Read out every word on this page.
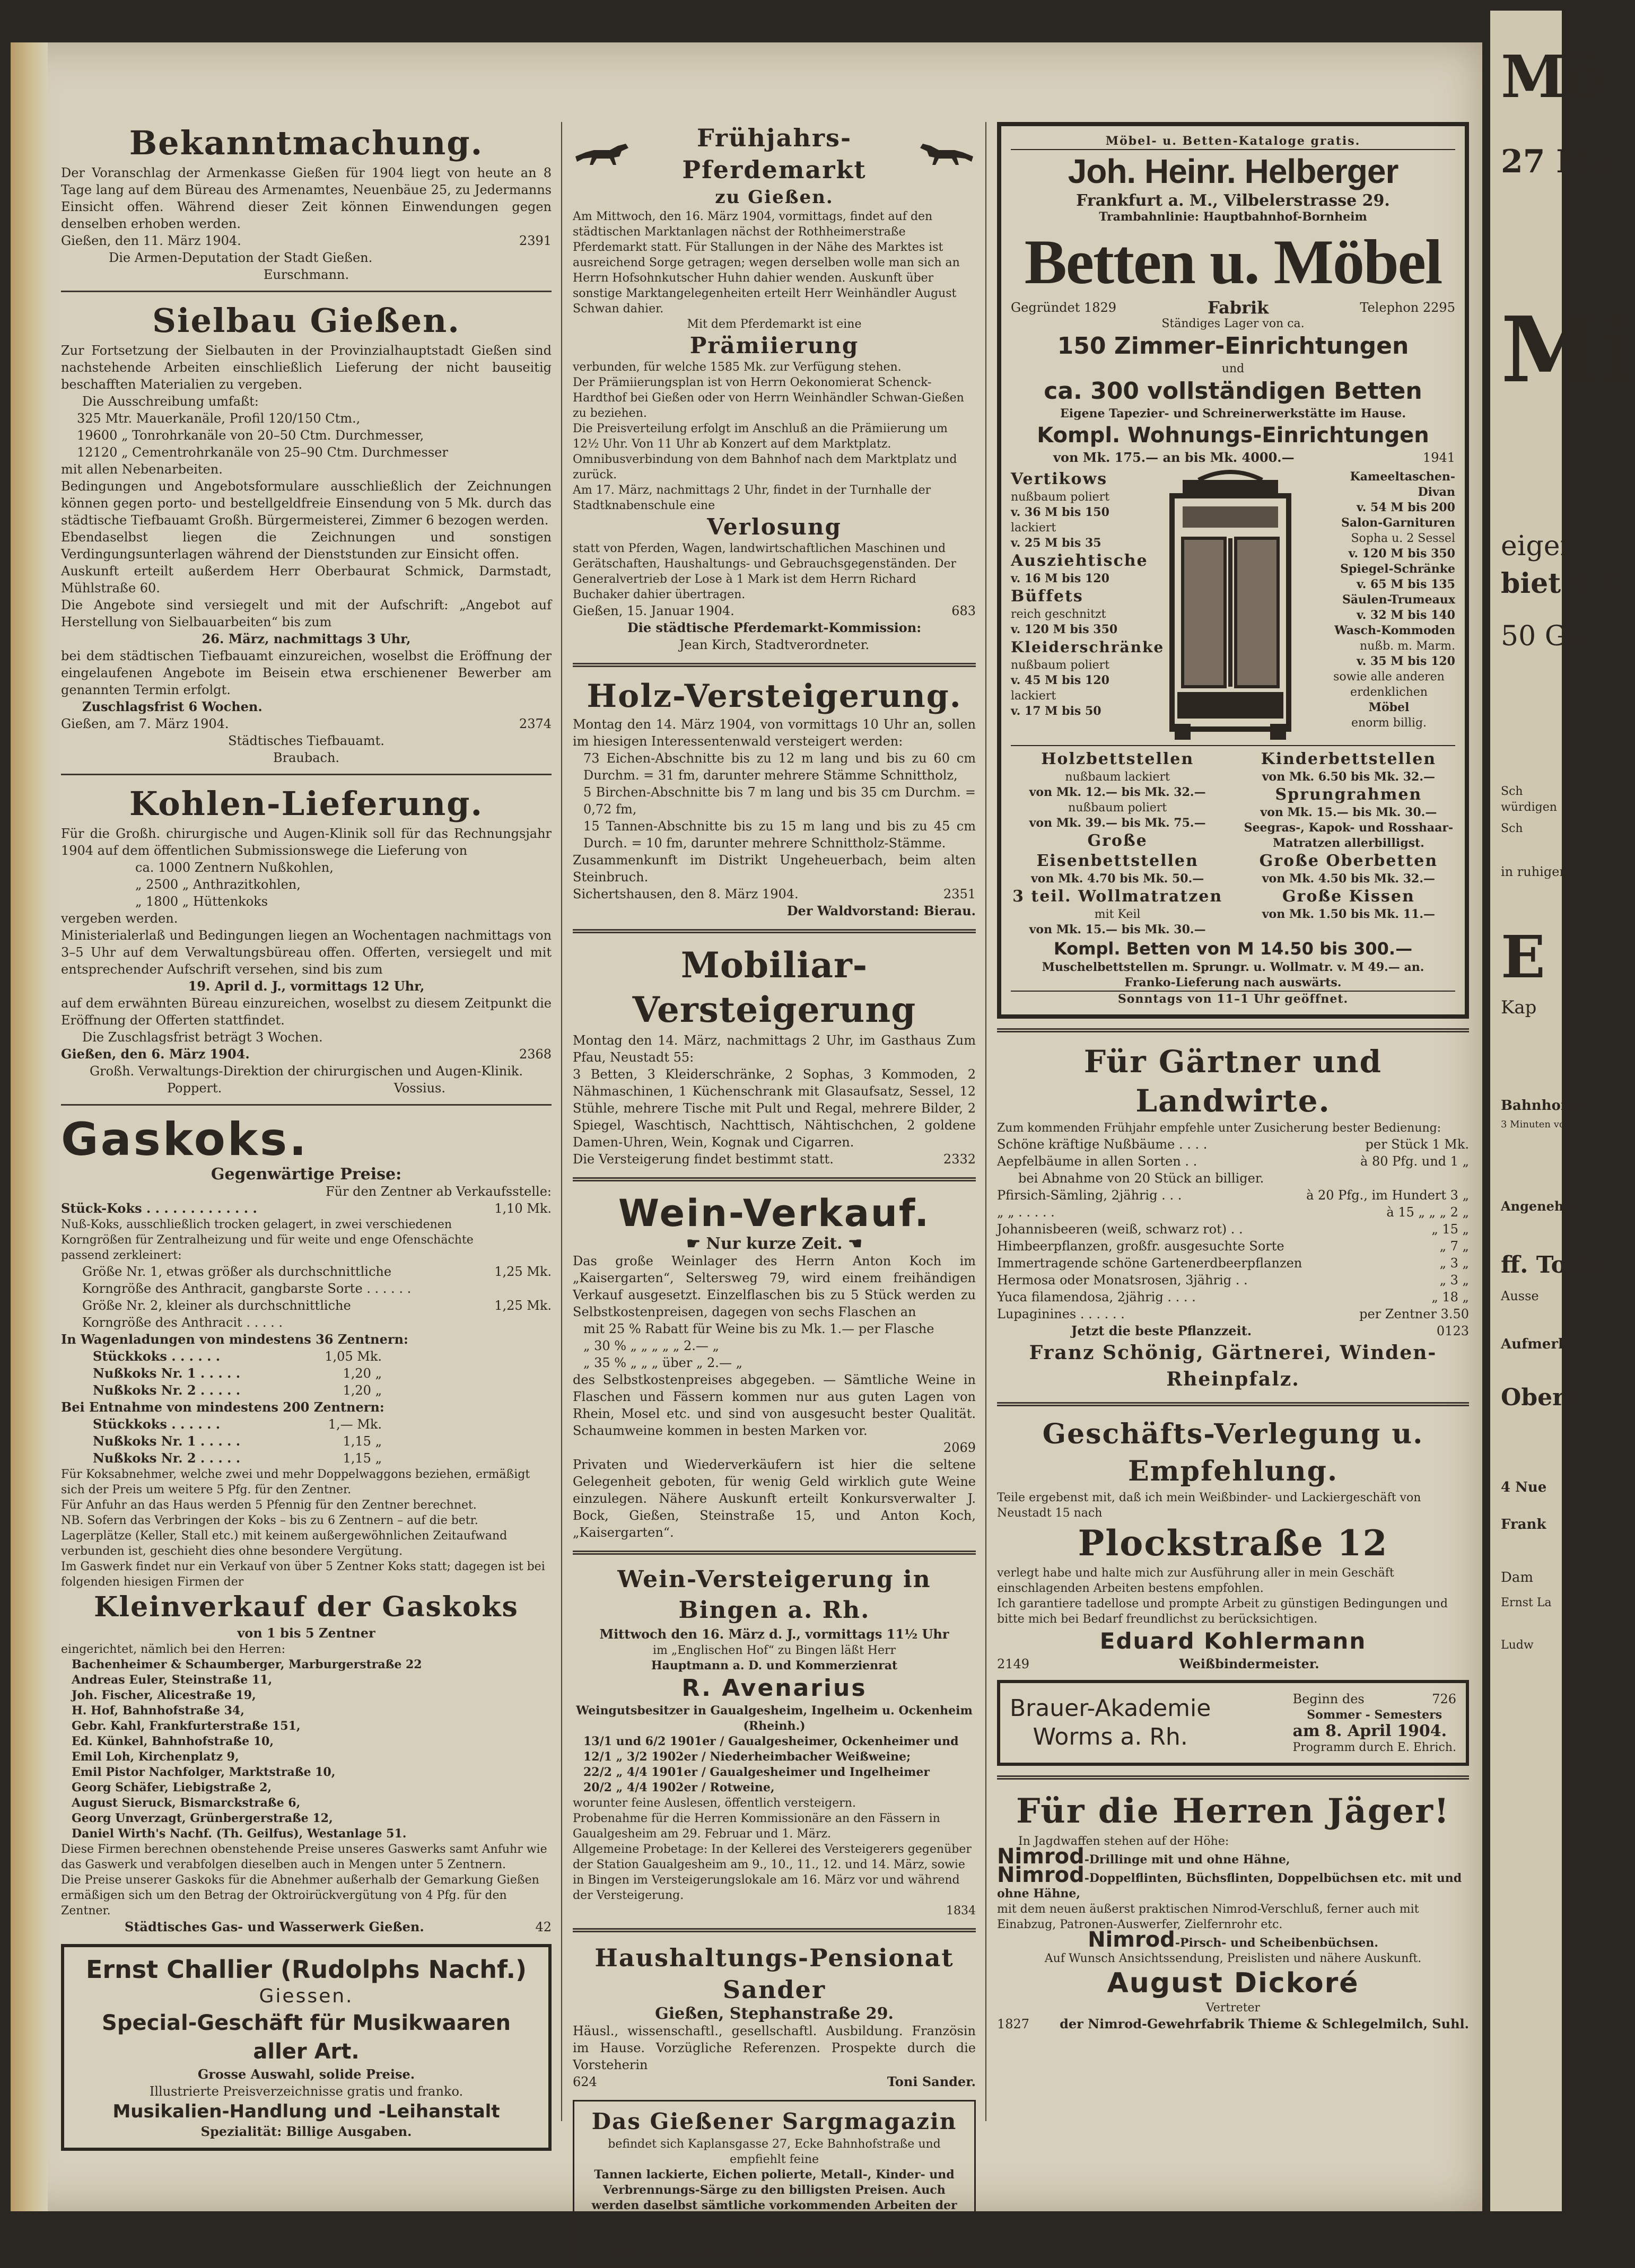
Mö
27 Ma
Mi
eiger
bietet V
50 Ga
Sch
würdigen
Sch
in ruhigen
E
Kap
Bahnhofstr
3 Minuten vo
Angenehm
ff. Torte
Ausse
Aufmerk
Oberh
4 Nue
Frank
Dam
Ernst La
Ludw
Bekanntmachung.
Der Voranschlag der Armenkasse Gießen für 1904 liegt von heute an 8 Tage lang auf dem Büreau des Armenamtes, Neuenbäue 25, zu Jedermanns Einsicht offen. Während dieser Zeit können Einwendungen gegen denselben erhoben werden.
Gießen, den 11. März 1904.	2391
Die Armen-Deputation der Stadt Gießen.
Eurschmann.
Sielbau Gießen.
Zur Fortsetzung der Sielbauten in der Provinzialhauptstadt Gießen sind nachstehende Arbeiten einschließlich Lieferung der nicht bauseitig beschafften Materialien zu vergeben.
Die Ausschreibung umfaßt:
325 Mtr. Mauerkanäle, Profil 120/150 Ctm.,
19600 „ Tonrohrkanäle von 20–50 Ctm. Durchmesser,
12120 „ Cementrohrkanäle von 25–90 Ctm. Durchmesser
mit allen Nebenarbeiten.
Bedingungen und Angebotsformulare ausschließlich der Zeichnungen können gegen porto- und bestellgeldfreie Einsendung von 5 Mk. durch das städtische Tiefbauamt Großh. Bürgermeisterei, Zimmer 6 bezogen werden.
Ebendaselbst liegen die Zeichnungen und sonstigen Verdingungsunterlagen während der Dienststunden zur Einsicht offen.
Auskunft erteilt außerdem Herr Oberbaurat Schmick, Darmstadt, Mühlstraße 60.
Die Angebote sind versiegelt und mit der Aufschrift: „Angebot auf Herstellung von Sielbauarbeiten“ bis zum
26. März, nachmittags 3 Uhr,
bei dem städtischen Tiefbauamt einzureichen, woselbst die Eröffnung der eingelaufenen Angebote im Beisein etwa erschienener Bewerber am genannten Termin erfolgt.
Zuschlagsfrist 6 Wochen.
Gießen, am 7. März 1904.	2374
Städtisches Tiefbauamt.
Braubach.
Kohlen-Lieferung.
Für die Großh. chirurgische und Augen-Klinik soll für das Rechnungsjahr 1904 auf dem öffentlichen Submissionswege die Lieferung von
ca. 1000 Zentnern Nußkohlen,
„ 2500 „ Anthrazitkohlen,
„ 1800 „ Hüttenkoks
vergeben werden.
Ministerialerlaß und Bedingungen liegen an Wochentagen nachmittags von 3–5 Uhr auf dem Verwaltungsbüreau offen. Offerten, versiegelt und mit entsprechender Aufschrift versehen, sind bis zum
19. April d. J., vormittags 12 Uhr,
auf dem erwähnten Büreau einzureichen, woselbst zu diesem Zeitpunkt die Eröffnung der Offerten stattfindet.
Die Zuschlagsfrist beträgt 3 Wochen.
Gießen, den 6. März 1904.	2368
Großh. Verwaltungs-Direktion der chirurgischen und Augen-Klinik.
Poppert.	Vossius.
Gaskoks.
Gegenwärtige Preise:
Für den Zentner ab Verkaufsstelle:
Stück-Koks . . . . . . . . . . . . .	1,10 Mk.
Nuß-Koks, ausschließlich trocken gelagert, in zwei verschiedenen Korngrößen für Zentralheizung und für weite und enge Ofenschächte passend zerkleinert:
Größe Nr. 1, etwas größer als durchschnittliche Korngröße des Anthracit, gangbarste Sorte . . . . . .
1,25 Mk.
Größe Nr. 2, kleiner als durchschnittliche Korngröße des Anthracit . . . . .
1,25 Mk.
In Wagenladungen von mindestens 36 Zentnern:
Stückkoks . . . . . .	1,05 Mk.
Nußkoks Nr. 1 . . . . .	1,20 „
Nußkoks Nr. 2 . . . . .	1,20 „
Bei Entnahme von mindestens 200 Zentnern:
Stückkoks . . . . . .	1,— Mk.
Nußkoks Nr. 1 . . . . .	1,15 „
Nußkoks Nr. 2 . . . . .	1,15 „
Für Koksabnehmer, welche zwei und mehr Doppelwaggons beziehen, ermäßigt sich der Preis um weitere 5 Pfg. für den Zentner.
Für Anfuhr an das Haus werden 5 Pfennig für den Zentner berechnet.
NB. Sofern das Verbringen der Koks – bis zu 6 Zentnern – auf die betr. Lagerplätze (Keller, Stall etc.) mit keinem außergewöhnlichen Zeitaufwand verbunden ist, geschieht dies ohne besondere Vergütung.
Im Gaswerk findet nur ein Verkauf von über 5 Zentner Koks statt; dagegen ist bei folgenden hiesigen Firmen der
Kleinverkauf der Gaskoks
von 1 bis 5 Zentner
eingerichtet, nämlich bei den Herren:
Bachenheimer & Schaumberger, Marburgerstraße 22
Andreas Euler, Steinstraße 11,
Joh. Fischer, Alicestraße 19,
H. Hof, Bahnhofstraße 34,
Gebr. Kahl, Frankfurterstraße 151,
Ed. Künkel, Bahnhofstraße 10,
Emil Loh, Kirchenplatz 9,
Emil Pistor Nachfolger, Marktstraße 10,
Georg Schäfer, Liebigstraße 2,
August Sieruck, Bismarckstraße 6,
Georg Unverzagt, Grünbergerstraße 12,
Daniel Wirth's Nachf. (Th. Geilfus), Westanlage 51.
Diese Firmen berechnen obenstehende Preise unseres Gaswerks samt Anfuhr wie das Gaswerk und verabfolgen dieselben auch in Mengen unter 5 Zentnern.
Die Preise unserer Gaskoks für die Abnehmer außerhalb der Gemarkung Gießen ermäßigen sich um den Betrag der Oktroirückvergütung von 4 Pfg. für den Zentner.
Städtisches Gas- und Wasserwerk Gießen.	42
Ernst Challier (Rudolphs Nachf.)
Giessen.
Special-Geschäft für Musikwaaren aller Art.
Grosse Auswahl, solide Preise.
Illustrierte Preisverzeichnisse gratis und franko.
Musikalien-Handlung und -Leihanstalt
Spezialität: Billige Ausgaben.
Frühjahrs-Pferdemarkt
zu Gießen.
Am Mittwoch, den 16. März 1904, vormittags, findet auf den städtischen Marktanlagen nächst der Rothheimerstraße Pferdemarkt statt. Für Stallungen in der Nähe des Marktes ist ausreichend Sorge getragen; wegen derselben wolle man sich an Herrn Hofsohnkutscher Huhn dahier wenden. Auskunft über sonstige Marktangelegenheiten erteilt Herr Weinhändler August Schwan dahier.
Mit dem Pferdemarkt ist eine
Prämiierung
verbunden, für welche 1585 Mk. zur Verfügung stehen.
Der Prämiierungsplan ist von Herrn Oekonomierat Schenck-Hardthof bei Gießen oder von Herrn Weinhändler Schwan-Gießen zu beziehen.
Die Preisverteilung erfolgt im Anschluß an die Prämiierung um 12½ Uhr. Von 11 Uhr ab Konzert auf dem Marktplatz. Omnibusverbindung von dem Bahnhof nach dem Marktplatz und zurück.
Am 17. März, nachmittags 2 Uhr, findet in der Turnhalle der Stadtknabenschule eine
Verlosung
statt von Pferden, Wagen, landwirtschaftlichen Maschinen und Gerätschaften, Haushaltungs- und Gebrauchsgegenständen. Der Generalvertrieb der Lose à 1 Mark ist dem Herrn Richard Buchaker dahier übertragen.
Gießen, 15. Januar 1904.	683
Die städtische Pferdemarkt-Kommission:
Jean Kirch, Stadtverordneter.
Holz-Versteigerung.
Montag den 14. März 1904, von vormittags 10 Uhr an, sollen im hiesigen Interessentenwald versteigert werden:
73 Eichen-Abschnitte bis zu 12 m lang und bis zu 60 cm Durchm. = 31 fm, darunter mehrere Stämme Schnittholz,
5 Birchen-Abschnitte bis 7 m lang und bis 35 cm Durchm. = 0,72 fm,
15 Tannen-Abschnitte bis zu 15 m lang und bis zu 45 cm Durch. = 10 fm, darunter mehrere Schnittholz-Stämme.
Zusammenkunft im Distrikt Ungeheuerbach, beim alten Steinbruch.
Sichertshausen, den 8. März 1904.	2351
Der Waldvorstand: Bierau.
Mobiliar-Versteigerung
Montag den 14. März, nachmittags 2 Uhr, im Gasthaus Zum Pfau, Neustadt 55:
3 Betten, 3 Kleiderschränke, 2 Sophas, 3 Kommoden, 2 Nähmaschinen, 1 Küchenschrank mit Glasaufsatz, Sessel, 12 Stühle, mehrere Tische mit Pult und Regal, mehrere Bilder, 2 Spiegel, Waschtisch, Nachttisch, Nähtischchen, 2 goldene Damen-Uhren, Wein, Kognak und Cigarren.
Die Versteigerung findet bestimmt statt.	2332
Wein-Verkauf.
☛ Nur kurze Zeit. ☚
Das große Weinlager des Herrn Anton Koch im „Kaisergarten“, Seltersweg 79, wird einem freihändigen Verkauf ausgesetzt. Einzelflaschen bis zu 5 Stück werden zu Selbstkostenpreisen, dagegen von sechs Flaschen an
mit 25 % Rabatt für Weine bis zu Mk. 1.— per Flasche
„ 30 % „ „ „ „ „ 2.— „
„ 35 % „ „ „ über „ 2.— „
des Selbstkostenpreises abgegeben. — Sämtliche Weine in Flaschen und Fässern kommen nur aus guten Lagen von Rhein, Mosel etc. und sind von ausgesucht bester Qualität. Schaumweine kommen in besten Marken vor.
2069
Privaten und Wiederverkäufern ist hier die seltene Gelegenheit geboten, für wenig Geld wirklich gute Weine einzulegen. Nähere Auskunft erteilt Konkursverwalter J. Bock, Gießen, Steinstraße 15, und Anton Koch, „Kaisergarten“.
Wein-Versteigerung in Bingen a. Rh.
Mittwoch den 16. März d. J., vormittags 11½ Uhr
im „Englischen Hof“ zu Bingen läßt Herr
Hauptmann a. D. und Kommerzienrat
R. Avenarius
Weingutsbesitzer in Gaualgesheim, Ingelheim u. Ockenheim (Rheinh.)
13/1 und 6/2 1901er / Gaualgesheimer, Ockenheimer und
12/1 „ 3/2 1902er / Niederheimbacher Weißweine;
22/2 „ 4/4 1901er / Gaualgesheimer und Ingelheimer
20/2 „ 4/4 1902er / Rotweine,
worunter feine Auslesen, öffentlich versteigern.
Probenahme für die Herren Kommissionäre an den Fässern in Gaualgesheim am 29. Februar und 1. März.
Allgemeine Probetage: In der Kellerei des Versteigerers gegenüber der Station Gaualgesheim am 9., 10., 11., 12. und 14. März, sowie in Bingen im Versteigerungslokale am 16. März vor und während der Versteigerung.
1834
Haushaltungs-Pensionat Sander
Gießen, Stephanstraße 29.
Häusl., wissenschaftl., gesellschaftl. Ausbildung. Französin im Hause. Vorzügliche Referenzen. Prospekte durch die Vorsteherin
624	Toni Sander.
Das Gießener Sargmagazin
befindet sich Kaplansgasse 27, Ecke Bahnhofstraße und empfiehlt feine
Tannen lackierte, Eichen polierte, Metall-, Kinder- und Verbrennungs-Särge zu den billigsten Preisen. Auch werden daselbst sämtliche vorkommenden Arbeiten der Sterbefällen mit übernommen.
1916
Hochachtungsvoll Georg Schmitt, Glasermstr.
Möbel- u. Betten-Kataloge gratis.
Joh. Heinr. Helberger
Frankfurt a. M., Vilbelerstrasse 29.
Trambahnlinie: Hauptbahnhof-Bornheim
Betten u. Möbel
Gegründet 1829	Fabrik	Telephon 2295
Ständiges Lager von ca.
150 Zimmer-Einrichtungen
und
ca. 300 vollständigen Betten
Eigene Tapezier- und Schreinerwerkstätte im Hause.
Kompl. Wohnungs-Einrichtungen
von Mk. 175.— an bis Mk. 4000.—	1941
Vertikows
nußbaum poliert
v. 36 M bis 150
lackiert
v. 25 M bis 35
Ausziehtische
v. 16 M bis 120
Büffets
reich geschnitzt
v. 120 M bis 350
Kleiderschränke
nußbaum poliert
v. 45 M bis 120
lackiert
v. 17 M bis 50
Kameeltaschen-Divan
v. 54 M bis 200
Salon-Garnituren
Sopha u. 2 Sessel
v. 120 M bis 350
Spiegel-Schränke
v. 65 M bis 135
Säulen-Trumeaux
v. 32 M bis 140
Wasch-Kommoden
nußb. m. Marm.
v. 35 M bis 120
sowie alle anderen erdenklichen
Möbel
enorm billig.
Holzbettstellen
nußbaum lackiert
von Mk. 12.— bis Mk. 32.—
nußbaum poliert
von Mk. 39.— bis Mk. 75.—
Große Eisenbettstellen
von Mk. 4.70 bis Mk. 50.—
3 teil. Wollmatratzen
mit Keil
von Mk. 15.— bis Mk. 30.—
Kinderbettstellen
von Mk. 6.50 bis Mk. 32.—
Sprungrahmen
von Mk. 15.— bis Mk. 30.—
Seegras-, Kapok- und Rosshaar-Matratzen allerbilligst.
Große Oberbetten
von Mk. 4.50 bis Mk. 32.—
Große Kissen
von Mk. 1.50 bis Mk. 11.—
Kompl. Betten von M 14.50 bis 300.—
Muschelbettstellen m. Sprungr. u. Wollmatr. v. M 49.— an.
Franko-Lieferung nach auswärts.
Sonntags von 11–1 Uhr geöffnet.
Für Gärtner und Landwirte.
Zum kommenden Frühjahr empfehle unter Zusicherung bester Bedienung:
Schöne kräftige Nußbäume . . . .	per Stück 1 Mk.
Aepfelbäume in allen Sorten . .	à 80 Pfg. und 1 „
bei Abnahme von 20 Stück an billiger.
Pfirsich-Sämling, 2jährig . . .	à 20 Pfg., im Hundert 3 „
„ „ . . . . .	à 15 „ „ „ 2 „
Johannisbeeren (weiß, schwarz rot) . .	„ 15 „
Himbeerpflanzen, großfr. ausgesuchte Sorte	„ 7 „
Immertragende schöne Gartenerdbeerpflanzen	„ 3 „
Hermosa oder Monatsrosen, 3jährig . .	„ 3 „
Yuca filamendosa, 2jährig . . . .	„ 18 „
Lupaginines . . . . . .	per Zentner 3.50
Jetzt die beste Pflanzzeit.	0123
Franz Schönig, Gärtnerei, Winden-Rheinpfalz.
Geschäfts-Verlegung u. Empfehlung.
Teile ergebenst mit, daß ich mein Weißbinder- und Lackiergeschäft von Neustadt 15 nach
Plockstraße 12
verlegt habe und halte mich zur Ausführung aller in mein Geschäft einschlagenden Arbeiten bestens empfohlen.
Ich garantiere tadellose und prompte Arbeit zu günstigen Bedingungen und bitte mich bei Bedarf freundlichst zu berücksichtigen.
Eduard Kohlermann
2149	Weißbindermeister.
Brauer-Akademie
Worms a. Rh.
Beginn des	726
Sommer - Semesters
am 8. April 1904.
Programm durch E. Ehrich.
Für die Herren Jäger!
In Jagdwaffen stehen auf der Höhe:
Nimrod-Drillinge mit und ohne Hähne,
Nimrod-Doppelflinten, Büchsflinten, Doppelbüchsen etc. mit und ohne Hähne,
mit dem neuen äußerst praktischen Nimrod-Verschluß, ferner auch mit Einabzug, Patronen-Auswerfer, Zielfernrohr etc.
Nimrod-Pirsch- und Scheibenbüchsen.
Auf Wunsch Ansichtssendung, Preislisten und nähere Auskunft.
August Dickoré
Vertreter
1827 der Nimrod-Gewehrfabrik Thieme & Schlegelmilch, Suhl.
